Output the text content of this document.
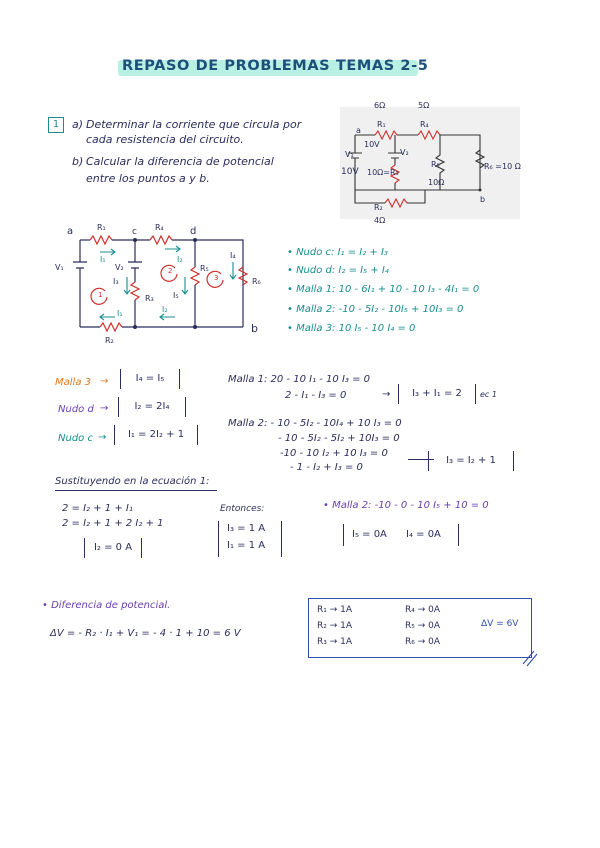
REPASO DE PROBLEMAS TEMAS 2-5
1	a) Determinar la corriente que circula por
cada resistencia del circuito.
b) Calcular la diferencia de potencial
entre los puntos a y b.
6Ω
R₁
5Ω
R₄
V₁
10V
10V
V₂
10Ω=R₃
R₅
10Ω
R₆ =10 Ω
R₂
4Ω
a
b
a	c	d
b
R₁	R₄
R₂
R₃
R₅
R₆
V₁	V₂
I₁	I₂
I₃
I₅
I₄
I₁	I₂
1
2
3
• Nudo c: I₁ = I₂ + I₃
• Nudo d: I₂ = I₅ + I₄
• Malla 1: 10 - 6I₁ + 10 - 10 I₃ - 4I₁ = 0
• Malla 2: -10 - 5I₂ - 10I₅ + 10I₃ = 0
• Malla 3: 10 I₅ - 10 I₄ = 0
Malla 3 →	I₄ = I₅
Nudo d →	I₂ = 2I₄
Nudo c →	I₁ = 2I₂ + 1
Malla 1: 20 - 10 I₁ - 10 I₃ = 0
2 - I₁ - I₃ = 0	→	I₃ + I₁ = 2	ec 1
Malla 2: - 10 - 5I₂ - 10I₄ + 10 I₃ = 0
- 10 - 5I₂ - 5I₂ + 10I₃ = 0
-10 - 10 I₂ + 10 I₃ = 0
- 1 - I₂ + I₃ = 0
I₃ = I₂ + 1
Sustituyendo en la ecuación 1:
2 = I₂ + 1 + I₁
2 = I₂ + 1 + 2 I₂ + 1
I₂ = 0 A
Entonces:
I₃ = 1 A
I₁ = 1 A
• Malla 2: -10 - 0 - 10 I₅ + 10 = 0
I₅ = 0A I₄ = 0A
• Diferencia de potencial.
ΔV = - R₂ · I₁ + V₁ = - 4 · 1 + 10 = 6 V
R₁ → 1A
R₂ → 1A
R₃ → 1A
R₄ → 0A
R₅ → 0A
R₆ → 0A
ΔV = 6V
